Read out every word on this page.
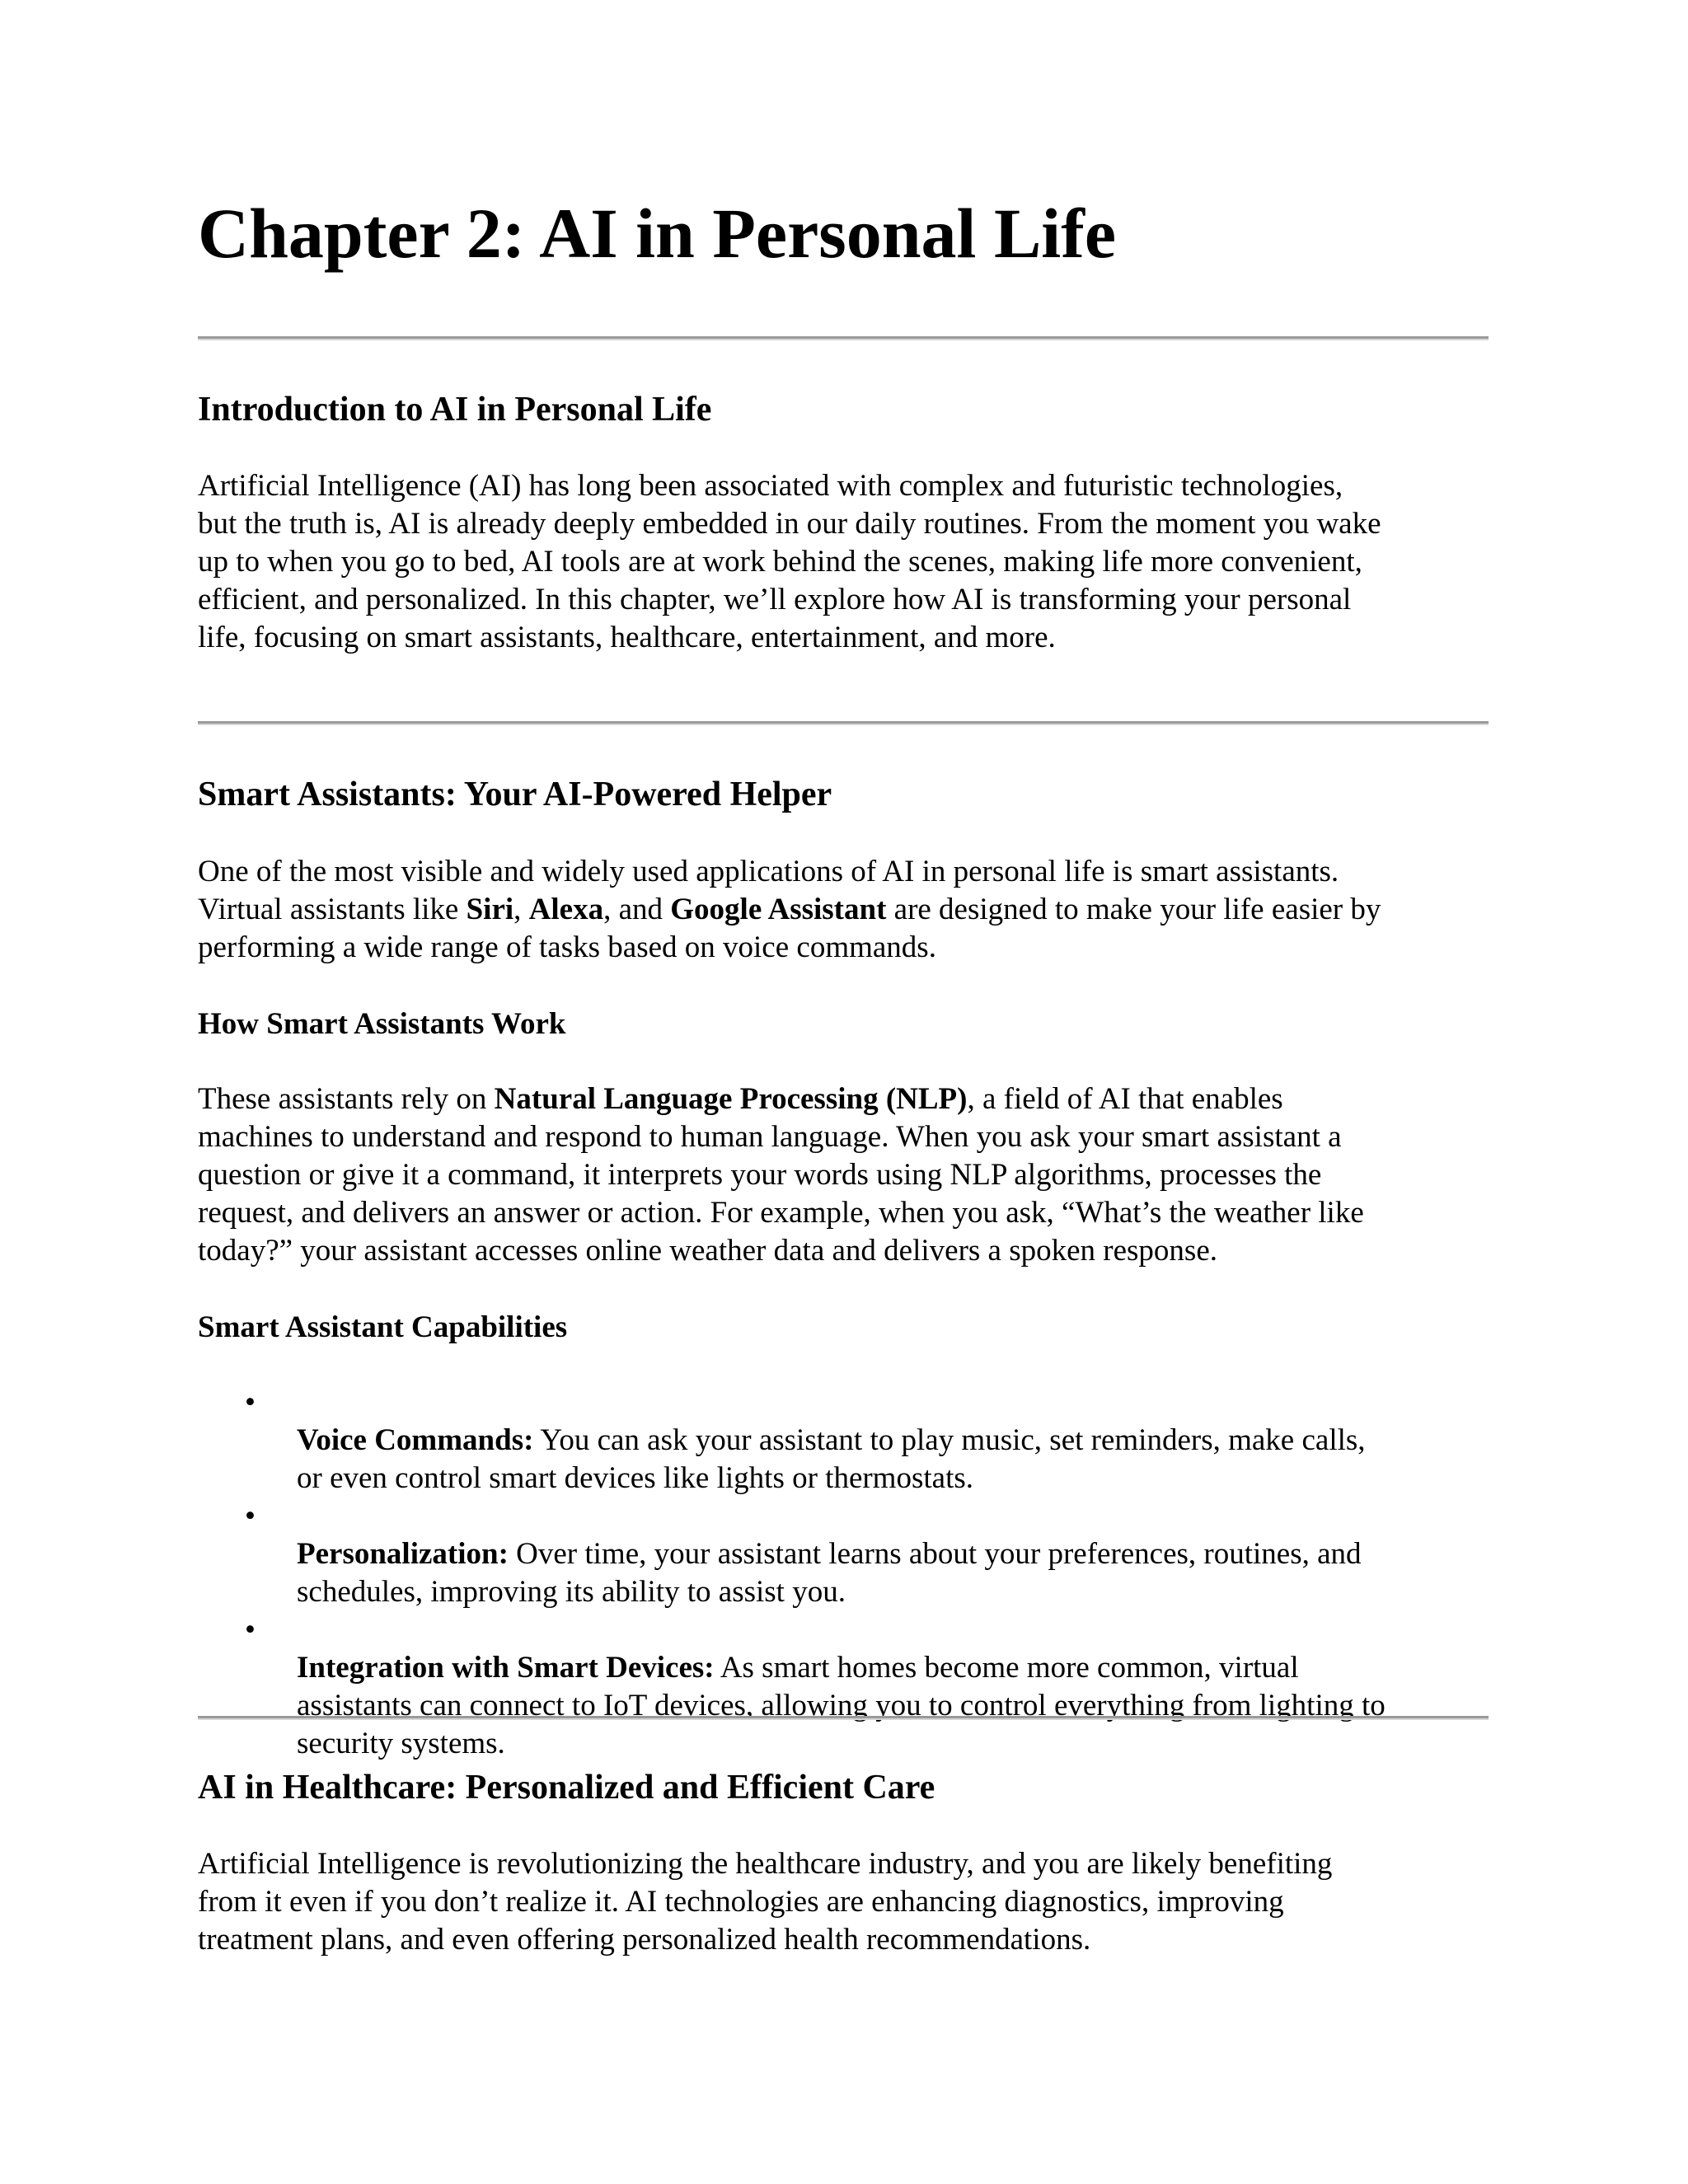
Chapter 2: AI in Personal Life
Introduction to AI in Personal Life

Artificial Intelligence (AI) has long been associated with complex and futuristic technologies,
but the truth is, AI is already deeply embedded in our daily routines. From the moment you wake
up to when you go to bed, AI tools are at work behind the scenes, making life more convenient,
efficient, and personalized. In this chapter, we’ll explore how AI is transforming your personal
life, focusing on smart assistants, healthcare, entertainment, and more.

Smart Assistants: Your AI-Powered Helper

One of the most visible and widely used applications of AI in personal life is smart assistants.
Virtual assistants like Siri, Alexa, and Google Assistant are designed to make your life easier by
performing a wide range of tasks based on voice commands.

How Smart Assistants Work

These assistants rely on Natural Language Processing (NLP), a field of AI that enables
machines to understand and respond to human language. When you ask your smart assistant a
question or give it a command, it interprets your words using NLP algorithms, processes the
request, and delivers an answer or action. For example, when you ask, “What’s the weather like
today?” your assistant accesses online weather data and delivers a spoken response.

Smart Assistant Capabilities

•
Voice Commands: You can ask your assistant to play music, set reminders, make calls,
or even control smart devices like lights or thermostats.

•
Personalization: Over time, your assistant learns about your preferences, routines, and
schedules, improving its ability to assist you.

•
Integration with Smart Devices: As smart homes become more common, virtual
assistants can connect to IoT devices, allowing you to control everything from lighting to
security systems.

AI in Healthcare: Personalized and Efficient Care

Artificial Intelligence is revolutionizing the healthcare industry, and you are likely benefiting
from it even if you don’t realize it. AI technologies are enhancing diagnostics, improving
treatment plans, and even offering personalized health recommendations.
